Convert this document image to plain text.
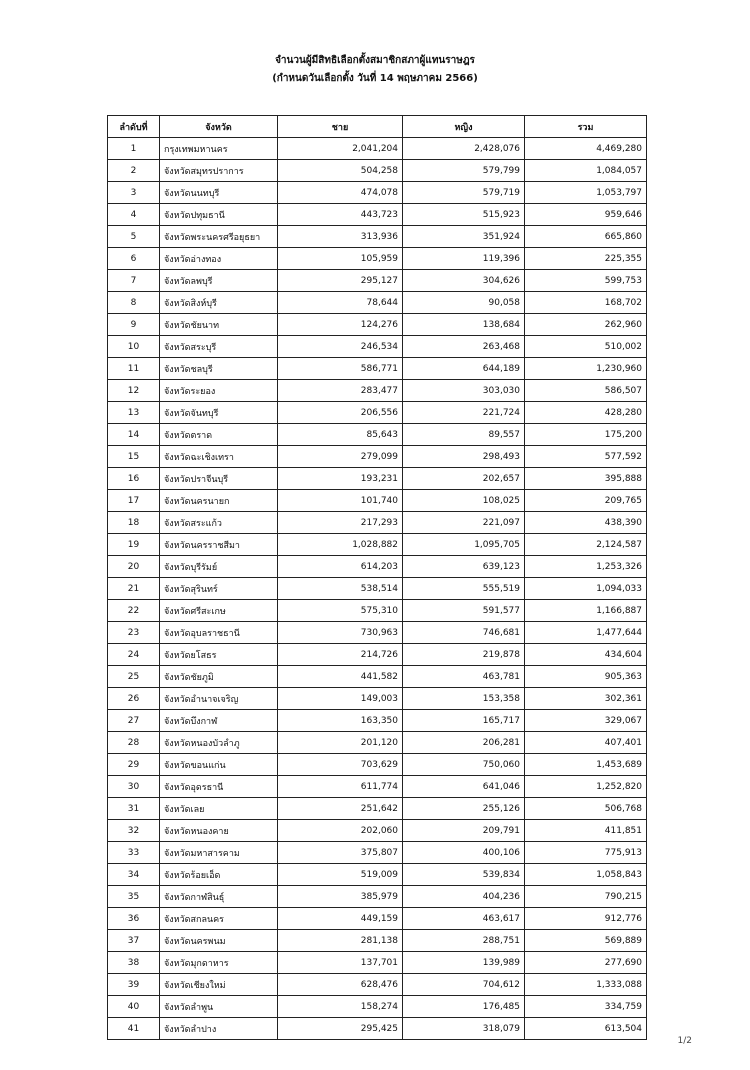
จำนวนผู้มีสิทธิเลือกตั้งสมาชิกสภาผู้แทนราษฎร
(กำหนดวันเลือกตั้ง วันที่ 14 พฤษภาคม 2566)
ลำดับที่	จังหวัด	ชาย	หญิง	รวม
1	กรุงเทพมหานคร	2,041,204	2,428,076	4,469,280
2	จังหวัดสมุทรปราการ	504,258	579,799	1,084,057
3	จังหวัดนนทบุรี	474,078	579,719	1,053,797
4	จังหวัดปทุมธานี	443,723	515,923	959,646
5	จังหวัดพระนครศรีอยุธยา	313,936	351,924	665,860
6	จังหวัดอ่างทอง	105,959	119,396	225,355
7	จังหวัดลพบุรี	295,127	304,626	599,753
8	จังหวัดสิงห์บุรี	78,644	90,058	168,702
9	จังหวัดชัยนาท	124,276	138,684	262,960
10	จังหวัดสระบุรี	246,534	263,468	510,002
11	จังหวัดชลบุรี	586,771	644,189	1,230,960
12	จังหวัดระยอง	283,477	303,030	586,507
13	จังหวัดจันทบุรี	206,556	221,724	428,280
14	จังหวัดตราด	85,643	89,557	175,200
15	จังหวัดฉะเชิงเทรา	279,099	298,493	577,592
16	จังหวัดปราจีนบุรี	193,231	202,657	395,888
17	จังหวัดนครนายก	101,740	108,025	209,765
18	จังหวัดสระแก้ว	217,293	221,097	438,390
19	จังหวัดนครราชสีมา	1,028,882	1,095,705	2,124,587
20	จังหวัดบุรีรัมย์	614,203	639,123	1,253,326
21	จังหวัดสุรินทร์	538,514	555,519	1,094,033
22	จังหวัดศรีสะเกษ	575,310	591,577	1,166,887
23	จังหวัดอุบลราชธานี	730,963	746,681	1,477,644
24	จังหวัดยโสธร	214,726	219,878	434,604
25	จังหวัดชัยภูมิ	441,582	463,781	905,363
26	จังหวัดอำนาจเจริญ	149,003	153,358	302,361
27	จังหวัดบึงกาฬ	163,350	165,717	329,067
28	จังหวัดหนองบัวลำภู	201,120	206,281	407,401
29	จังหวัดขอนแก่น	703,629	750,060	1,453,689
30	จังหวัดอุดรธานี	611,774	641,046	1,252,820
31	จังหวัดเลย	251,642	255,126	506,768
32	จังหวัดหนองคาย	202,060	209,791	411,851
33	จังหวัดมหาสารคาม	375,807	400,106	775,913
34	จังหวัดร้อยเอ็ด	519,009	539,834	1,058,843
35	จังหวัดกาฬสินธุ์	385,979	404,236	790,215
36	จังหวัดสกลนคร	449,159	463,617	912,776
37	จังหวัดนครพนม	281,138	288,751	569,889
38	จังหวัดมุกดาหาร	137,701	139,989	277,690
39	จังหวัดเชียงใหม่	628,476	704,612	1,333,088
40	จังหวัดลำพูน	158,274	176,485	334,759
41	จังหวัดลำปาง	295,425	318,079	613,504
1/2
